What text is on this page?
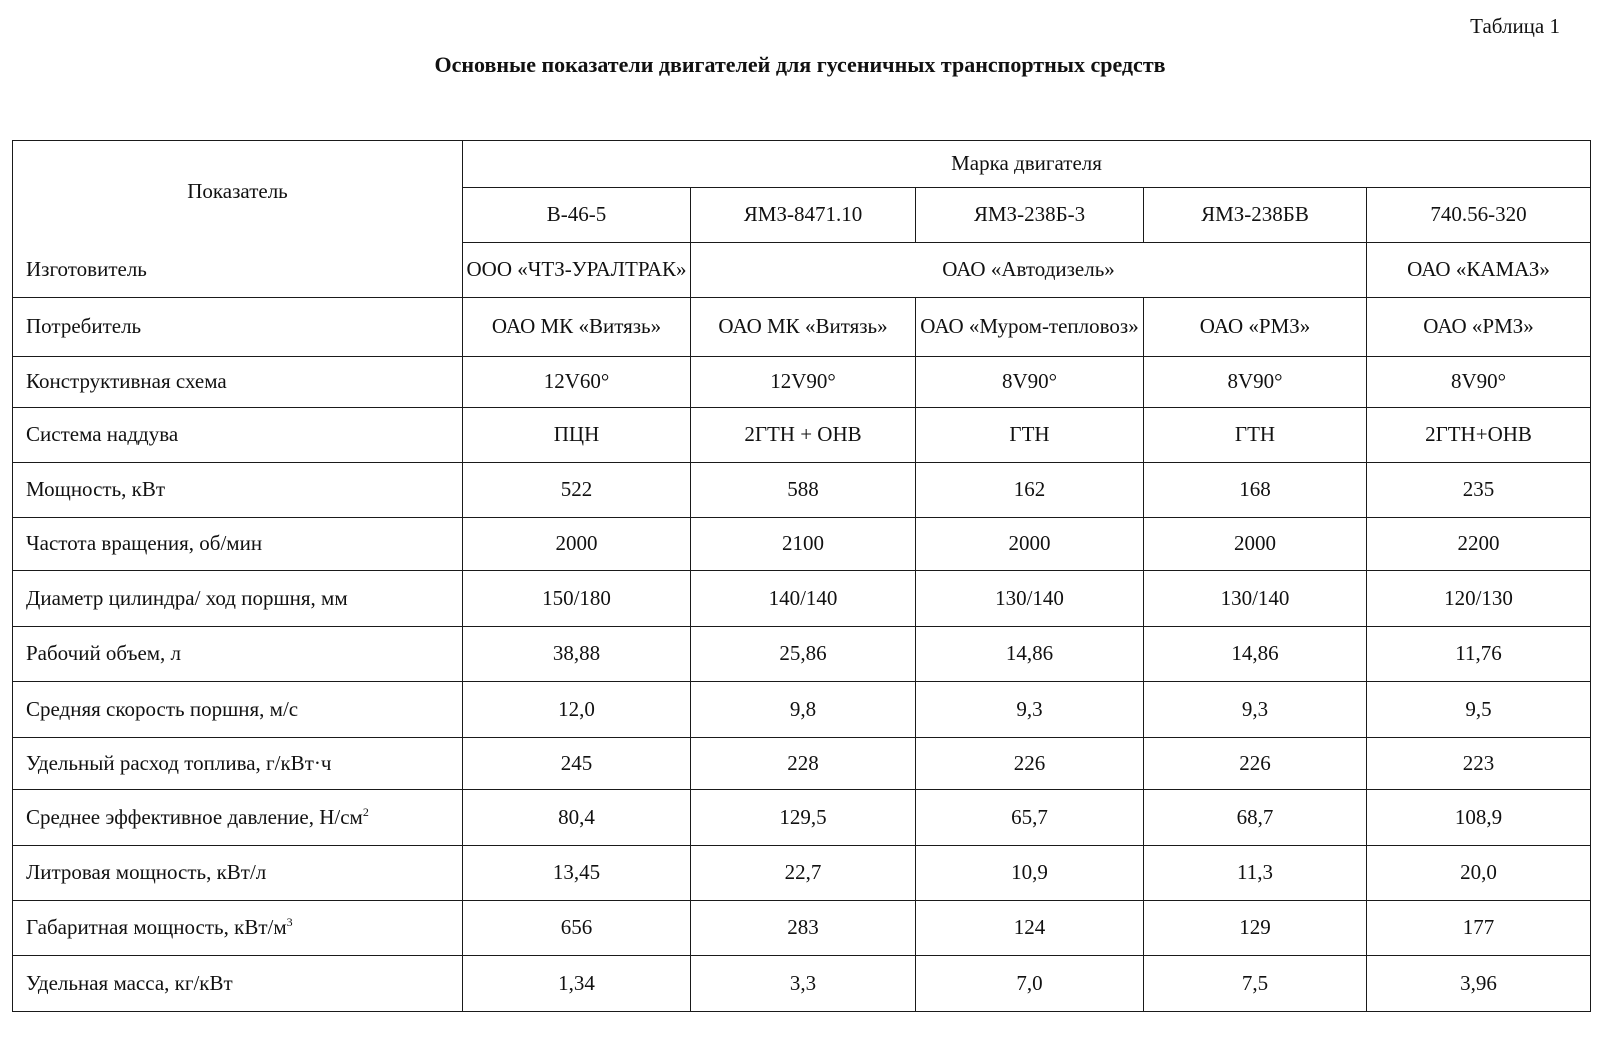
Таблица 1
Основные показатели двигателей для гусеничных транспортных средств
Показатель	Марка двигателя				
	В-46-5	ЯМЗ-8471.10	ЯМЗ-238Б-3	ЯМЗ-238БВ	740.56-320
Изготовитель	ООО «ЧТЗ-УРАЛТРАК»	ОАО «Автодизель»			ОАО «КАМАЗ»
Потребитель	ОАО МК «Витязь»	ОАО МК «Витязь»	ОАО «Муром-тепловоз»	ОАО «РМЗ»	ОАО «РМЗ»
Конструктивная схема	12V60°	12V90°	8V90°	8V90°	8V90°
Система наддува	ПЦН	2ГТН + ОНВ	ГТН	ГТН	2ГТН+ОНВ
Мощность, кВт	522	588	162	168	235
Частота вращения, об/мин	2000	2100	2000	2000	2200
Диаметр цилиндра/ ход поршня, мм	150/180	140/140	130/140	130/140	120/130
Рабочий объем, л	38,88	25,86	14,86	14,86	11,76
Средняя скорость поршня, м/с	12,0	9,8	9,3	9,3	9,5
Удельный расход топлива, г/кВт·ч	245	228	226	226	223
Среднее эффективное давление, $Н/см^2$	80,4	129,5	65,7	68,7	108,9
Литровая мощность, кВт/л	13,45	22,7	10,9	11,3	20,0
Габаритная мощность, кВт/$м^3$	656	283	124	129	177
Удельная масса, кг/кВт	1,34	3,3	7,0	7,5	3,96
